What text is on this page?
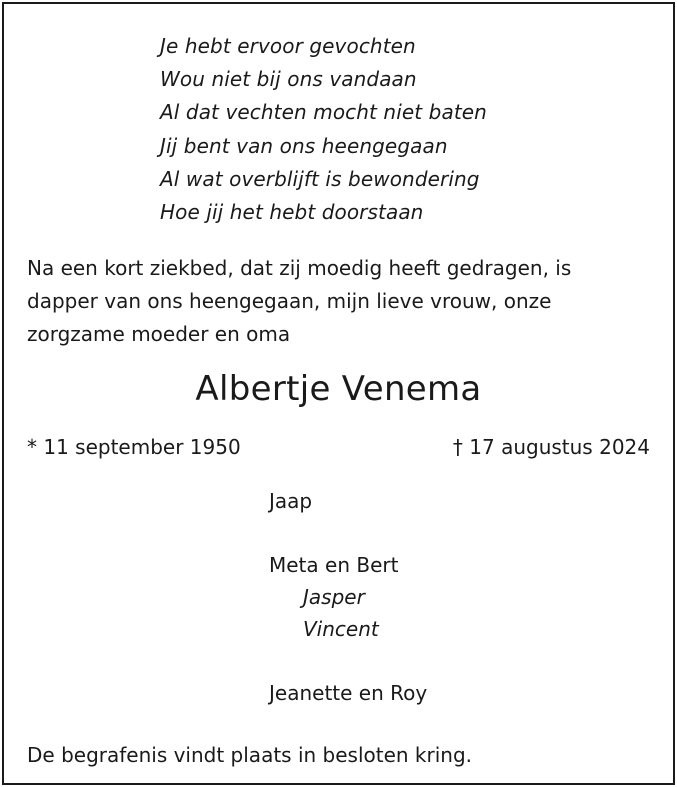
Je hebt ervoor gevochten
Wou niet bij ons vandaan
Al dat vechten mocht niet baten
Jij bent van ons heengegaan
Al wat overblijft is bewondering
Hoe jij het hebt doorstaan
Na een kort ziekbed, dat zij moedig heeft gedragen, is
dapper van ons heengegaan, mijn lieve vrouw, onze
zorgzame moeder en oma
Albertje Venema
* 11 september 1950	† 17 augustus 2024
Jaap
Meta en Bert
Jasper
Vincent
Jeanette en Roy
De begrafenis vindt plaats in besloten kring.
